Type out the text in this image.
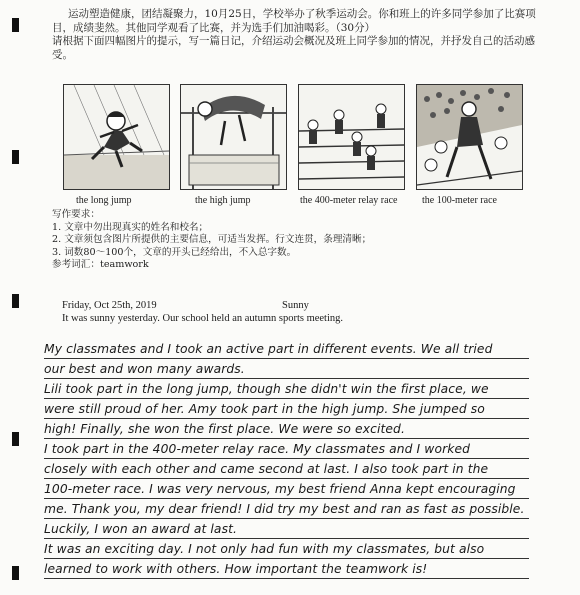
运动塑造健康，团结凝聚力，10月25日，学校举办了秋季运动会。你和班上的许多同学参加了比赛项目，成绩斐然。其他同学观看了比赛，并为选手们加油喝彩。（30分）

请根据下面四幅图片的提示，写一篇日记，介绍运动会概况及班上同学参加的情况，并抒发自己的活动感受。

the long jump	the high jump	the 400-meter relay race the 100-meter race

写作要求：

1. 文章中勿出现真实的姓名和校名；

2. 文章须包含图片所提供的主要信息，可适当发挥。行文连贯，条理清晰；

3. 词数80～100个，文章的开头已经给出，不入总字数。

参考词汇：teamwork

Friday, Oct 25th, 2019	Sunny
It was sunny yesterday. Our school held an autumn sports meeting.
My classmates and I took an active part in different events. We all tried
our best and won many awards.
Lili took part in the long jump, though she didn't win the first place, we
were still proud of her. Amy took part in the high jump. She jumped so
high! Finally, she won the first place. We were so excited.
I took part in the 400-meter relay race. My classmates and I worked
closely with each other and came second at last. I also took part in the
100-meter race. I was very nervous, my best friend Anna kept encouraging
me. Thank you, my dear friend! I did try my best and ran as fast as possible.
Luckily, I won an award at last.
It was an exciting day. I not only had fun with my classmates, but also
learned to work with others. How important the teamwork is!
